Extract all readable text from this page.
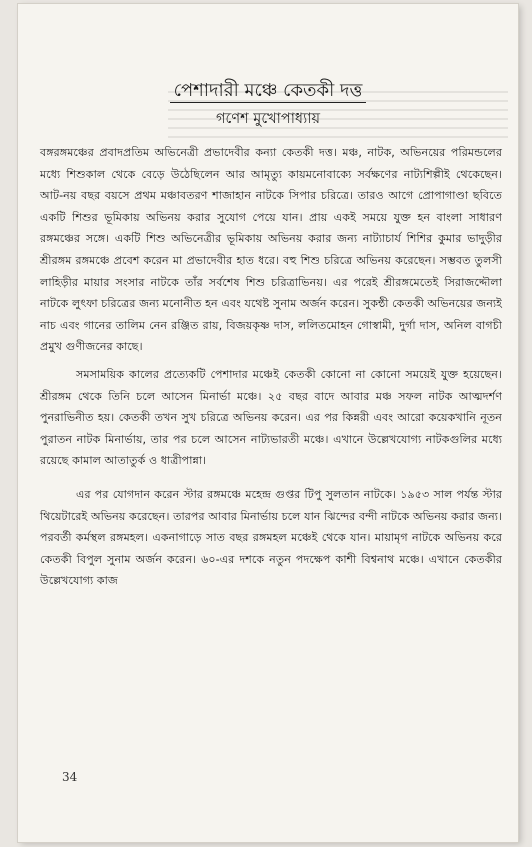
পেশাদারী মঞ্চে কেতকী দত্ত
গণেশ মুখোপাধ্যায়

বঙ্গরঙ্গমঞ্চের প্রবাদপ্রতিম অভিনেত্রী প্রভাদেবীর কন্যা কেতকী দত্ত। মঞ্চ, নাটক, অভিনয়ের পরিমন্ডলের মধ্যে শিশুকাল থেকে বেড়ে উঠেছিলেন আর আমৃত্যু কায়মনোবাক্যে সর্বক্ষণের নাট্যশিল্পীই থেকেছেন। আট-নয় বছর বয়সে প্রথম মঞ্চাবতরণ শাজাহান নাটকে সিপার চরিত্রে। তারও আগে প্রোপাগাণ্ডা ছবিতে একটি শিশুর ভূমিকায় অভিনয় করার সুযোগ পেয়ে যান। প্রায় একই সময়ে যুক্ত হন বাংলা সাধারণ রঙ্গমঞ্চের সঙ্গে। একটি শিশু অভিনেত্রীর ভূমিকায় অভিনয় করার জন্য নাট্যাচার্য শিশির কুমার ভাদুড়ীর শ্রীরঙ্গম রঙ্গমঞ্চে প্রবেশ করেন মা প্রভাদেবীর হাত ধরে। বহু শিশু চরিত্রে অভিনয় করেছেন। সম্ভবত তুলসী লাহিড়ীর মায়ার সংসার নাটকে তাঁর সর্বশেষ শিশু চরিত্রাভিনয়। এর পরেই শ্রীরঙ্গমেতেই সিরাজদ্দৌলা নাটকে লুৎফা চরিত্রের জন্য মনোনীত হন এবং যথেষ্ট সুনাম অর্জন করেন। সুকন্ঠী কেতকী অভিনয়ের জন্যই নাচ এবং গানের তালিম নেন রঞ্জিত রায়, বিজয়কৃষ্ণ দাস, ললিতমোহন গোস্বামী, দুর্গা দাস, অনিল বাগচী প্রমুখ গুণীজনের কাছে।

সমসাময়িক কালের প্রত্যেকটি পেশাদার মঞ্চেই কেতকী কোনো না কোনো সময়েই যুক্ত হয়েছেন। শ্রীরঙ্গম থেকে তিনি চলে আসেন মিনার্ভা মঞ্চে। ২৫ বছর বাদে আবার মঞ্চ সফল নাটক আত্মদর্শণ পুনরাভিনীত হয়। কেতকী তখন সুখ চরিত্রে অভিনয় করেন। এর পর কিন্নরী এবং আরো কয়েকখানি নূতন পুরাতন নাটক মিনার্ভায়, তার পর চলে আসেন নাট্যভারতী মঞ্চে। এখানে উল্লেখযোগ্য নাটকগুলির মধ্যে রয়েছে কামাল আতাতুর্ক ও ধাত্রীপান্না।

এর পর যোগদান করেন স্টার রঙ্গমঞ্চে মহেন্দ্র গুপ্তর টিপু সুলতান নাটকে। ১৯৫৩ সাল পর্যন্ত স্টার থিয়েটারেই অভিনয় করেছেন। তারপর আবার মিনার্ভায় চলে যান ঝিন্দের বন্দী নাটকে অভিনয় করার জন্য। পরবর্তী কর্মস্থল রঙ্গমহল। একনাগাড়ে সাত বছর রঙ্গমহল মঞ্চেই থেকে যান। মায়ামৃগ নাটকে অভিনয় করে কেতকী বিপুল সুনাম অর্জন করেন। ৬০-এর দশকে নতুন পদক্ষেপ কাশী বিশ্বনাথ মঞ্চে। এখানে কেতকীর উল্লেখযোগ্য কাজ

34
